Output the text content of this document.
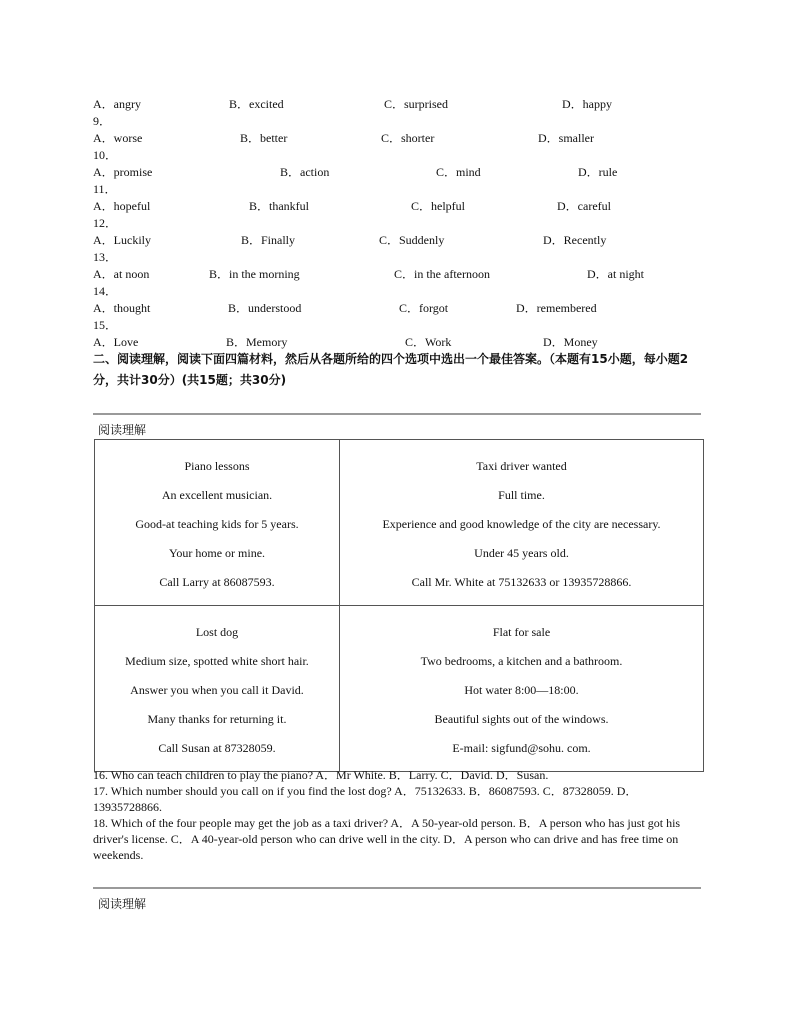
A．angry	B．excited	C．surprised	D．happy
9．
A．worse	B．better	C．shorter	D．smaller
10．
A．promise	B．action	C．mind	D．rule
11．
A．hopeful	B．thankful	C．helpful	D．careful
12．
A．Luckily	B．Finally	C．Suddenly	D．Recently
13．
A．at noon	B．in the morning	C．in the afternoon	D．at night
14．
A．thought	B．understood	C．forgot	D．remembered
15．
A．Love	B．Memory	C．Work	D．Money
二、阅读理解，阅读下面四篇材料，然后从各题所给的四个选项中选出一个最佳答案。（本题有15小题，每小题2分，共计30分）(共15题；共30分)
阅读理解
Piano lessons
An excellent musician.
Good-at teaching kids for 5 years.
Your home or mine.
Call Larry at 86087593.	Taxi driver wanted
Full time.
Experience and good knowledge of the city are necessary.
Under 45 years old.
Call Mr. White at 75132633 or 13935728866.

Lost dog
Medium size, spotted white short hair.
Answer you when you call it David.
Many thanks for returning it.
Call Susan at 87328059.	Flat for sale
Two bedrooms, a kitchen and a bathroom.
Hot water 8:00—18:00.
Beautiful sights out of the windows.
E-mail: sigfund@sohu. com.
16. Who can teach children to play the piano? A．Mr White. B．Larry. C．David. D．Susan.
17. Which number should you call on if you find the lost dog? A．75132633. B．86087593. C．87328059. D．13935728866.
18. Which of the four people may get the job as a taxi driver? A．A 50-year-old person. B．A person who has just got his driver's license. C．A 40-year-old person who can drive well in the city. D．A person who can drive and has free time on weekends.
阅读理解
